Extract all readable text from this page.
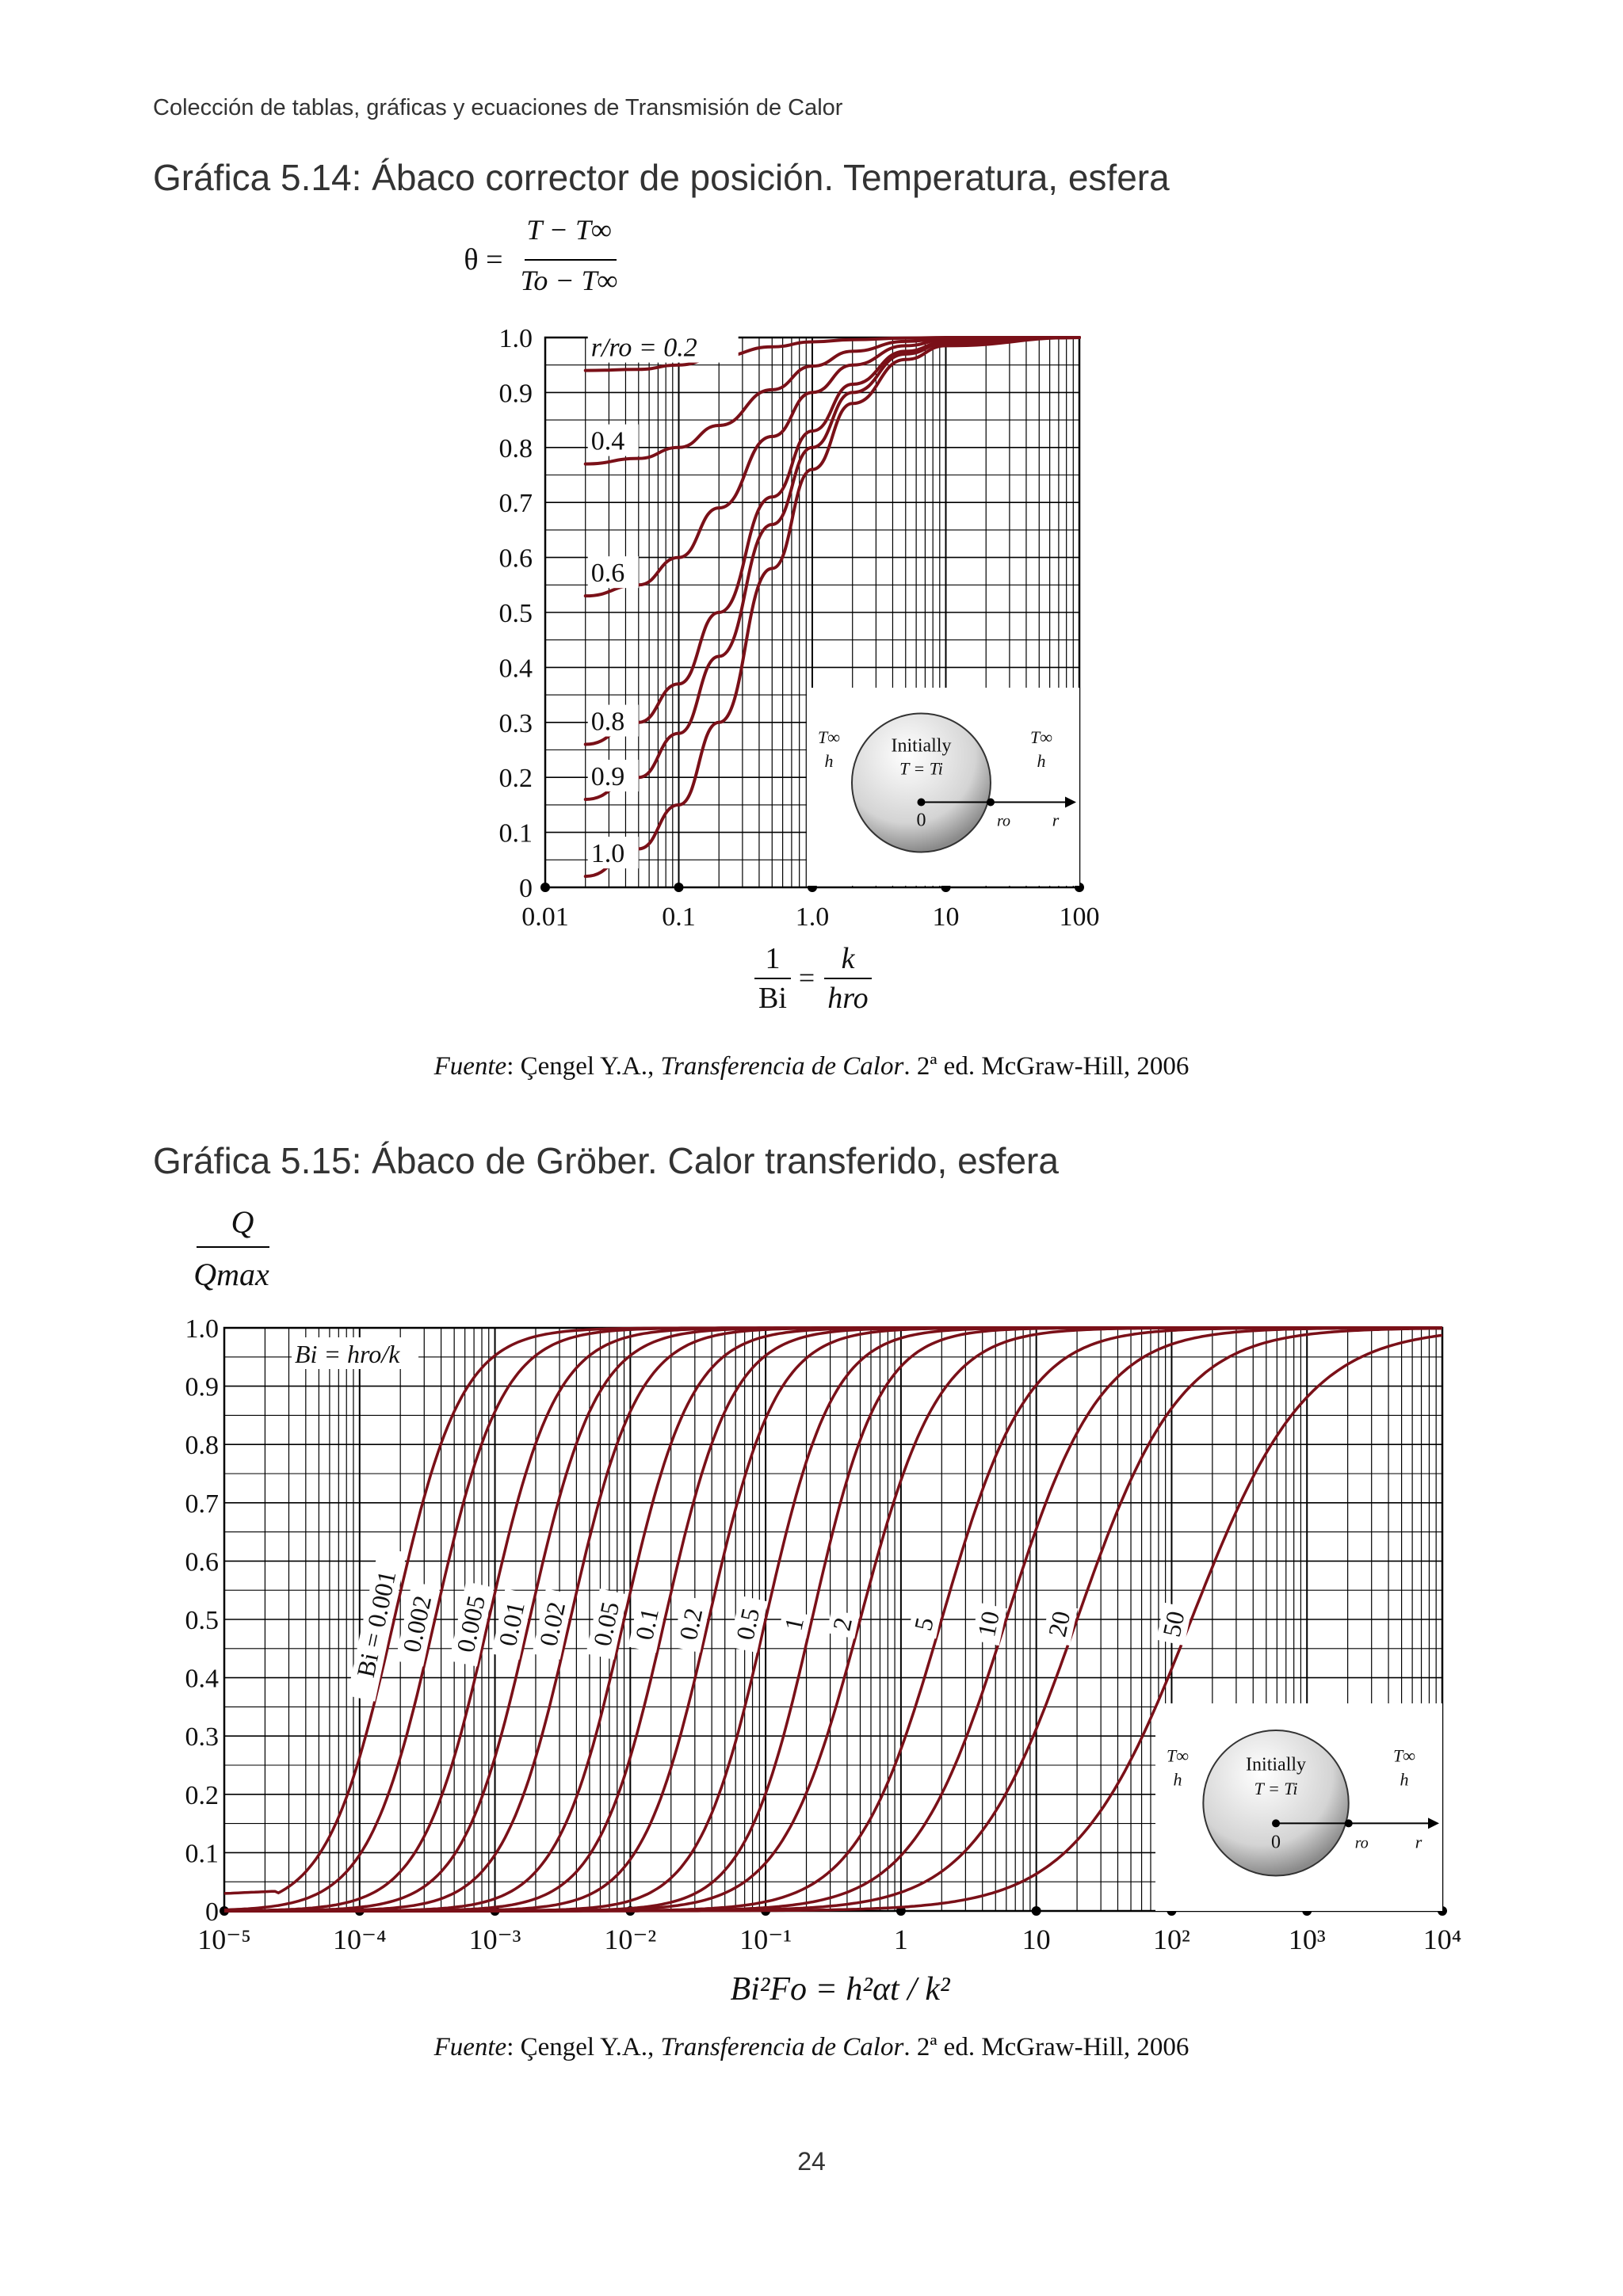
Colección de tablas, gráficas y ecuaciones de Transmisión de Calor
Gráfica 5.14: Ábaco corrector de posición. Temperatura, esfera
θ =
T − T∞
To − T∞
1.0
0.9
0.8
0.7
0.6
0.5
0.4
0.3
0.2
0.1
0
0.01	0.1	1.0	10	100
1
Bi
=
k
hro
T∞
h
T∞
h
Initially
T = Ti
0	ro r
r/ro = 0.2
0.4
0.6
0.8
0.9
1.0
Fuente: Çengel Y.A., Transferencia de Calor. 2ª ed. McGraw-Hill, 2006
Gráfica 5.15: Ábaco de Gröber. Calor transferido, esfera
Q
Qmax
1.0
0.9
0.8
0.7
0.6
0.5
0.4
0.3
0.2
0.1
0
10⁻⁵	10⁻⁴	10⁻³	10⁻²	10⁻¹	1	10	10²	10³	10⁴
Bi²Fo = h²αt / k²
Bi = hro/k
T∞
h
T∞
h
Initially
T = Ti
0	ro	r
Bi = 0.001
0.002 0.005 0.01 0.02 0.05 0.1 0.2 0.5 1 2 5 10 20	50
Fuente: Çengel Y.A., Transferencia de Calor. 2ª ed. McGraw-Hill, 2006
24
